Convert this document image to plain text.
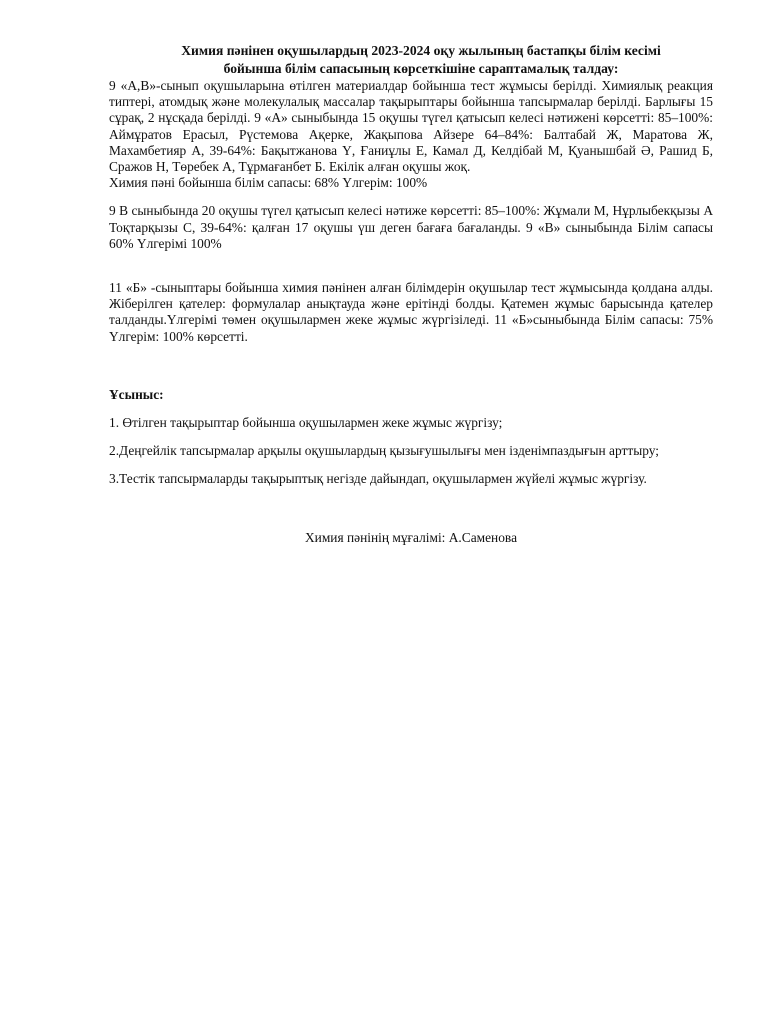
Химия пәнінен оқушылардың 2023-2024 оқу жылының бастапқы білім кесімі
бойынша білім сапасының көрсеткішіне сараптамалық талдау:

9 «А,В»-сынып оқушыларына өтілген материалдар бойынша тест жұмысы берілді. Химиялық реакция типтері, атомдық және молекулалық массалар тақырыптары бойынша тапсырмалар берілді. Барлығы 15 сұрақ, 2 нұсқада берілді. 9 «А» сыныбында 15 оқушы түгел қатысып келесі нәтижені көрсетті: 85–100%: Аймұратов Ерасыл, Рүстемова Ақерке, Жақыпова Айзере 64–84%: Балтабай Ж, Маратова Ж, Махамбетияр А, 39-64%: Бақытжанова Ү, Ғаниұлы Е, Камал Д, Келдібай М, Қуанышбай Ә, Рашид Б, Сражов Н, Төребек А, Тұрмағанбет Б. Екілік алған оқушы жоқ.

Химия пәні бойынша білім сапасы: 68% Үлгерім: 100%

9 В сыныбында 20 оқушы түгел қатысып келесі нәтиже көрсетті: 85–100%: Жұмали М, Нұрлыбекқызы А Тоқтарқызы С, 39-64%: қалған 17 оқушы үш деген бағаға бағаланды. 9 «В» сыныбында Білім сапасы 60% Үлгерімі 100%

11 «Б» -сыныптары бойынша химия пәнінен алған білімдерін оқушылар тест жұмысында қолдана алды. Жіберілген қателер: формулалар анықтауда және ерітінді болды. Қатемен жұмыс барысында қателер талданды.Үлгерімі төмен оқушылармен жеке жұмыс жүргізіледі. 11 «Б»сыныбында Білім сапасы: 75% Үлгерім: 100% көрсетті.

Ұсыныс:

1. Өтілген тақырыптар бойынша оқушылармен жеке жұмыс жүргізу;

2.Деңгейлік тапсырмалар арқылы оқушылардың қызығушылығы мен ізденімпаздығын арттыру;

3.Тестік тапсырмаларды тақырыптық негізде дайындап, оқушылармен жүйелі жұмыс жүргізу.

Химия пәнінің мұғалімі: А.Саменова
